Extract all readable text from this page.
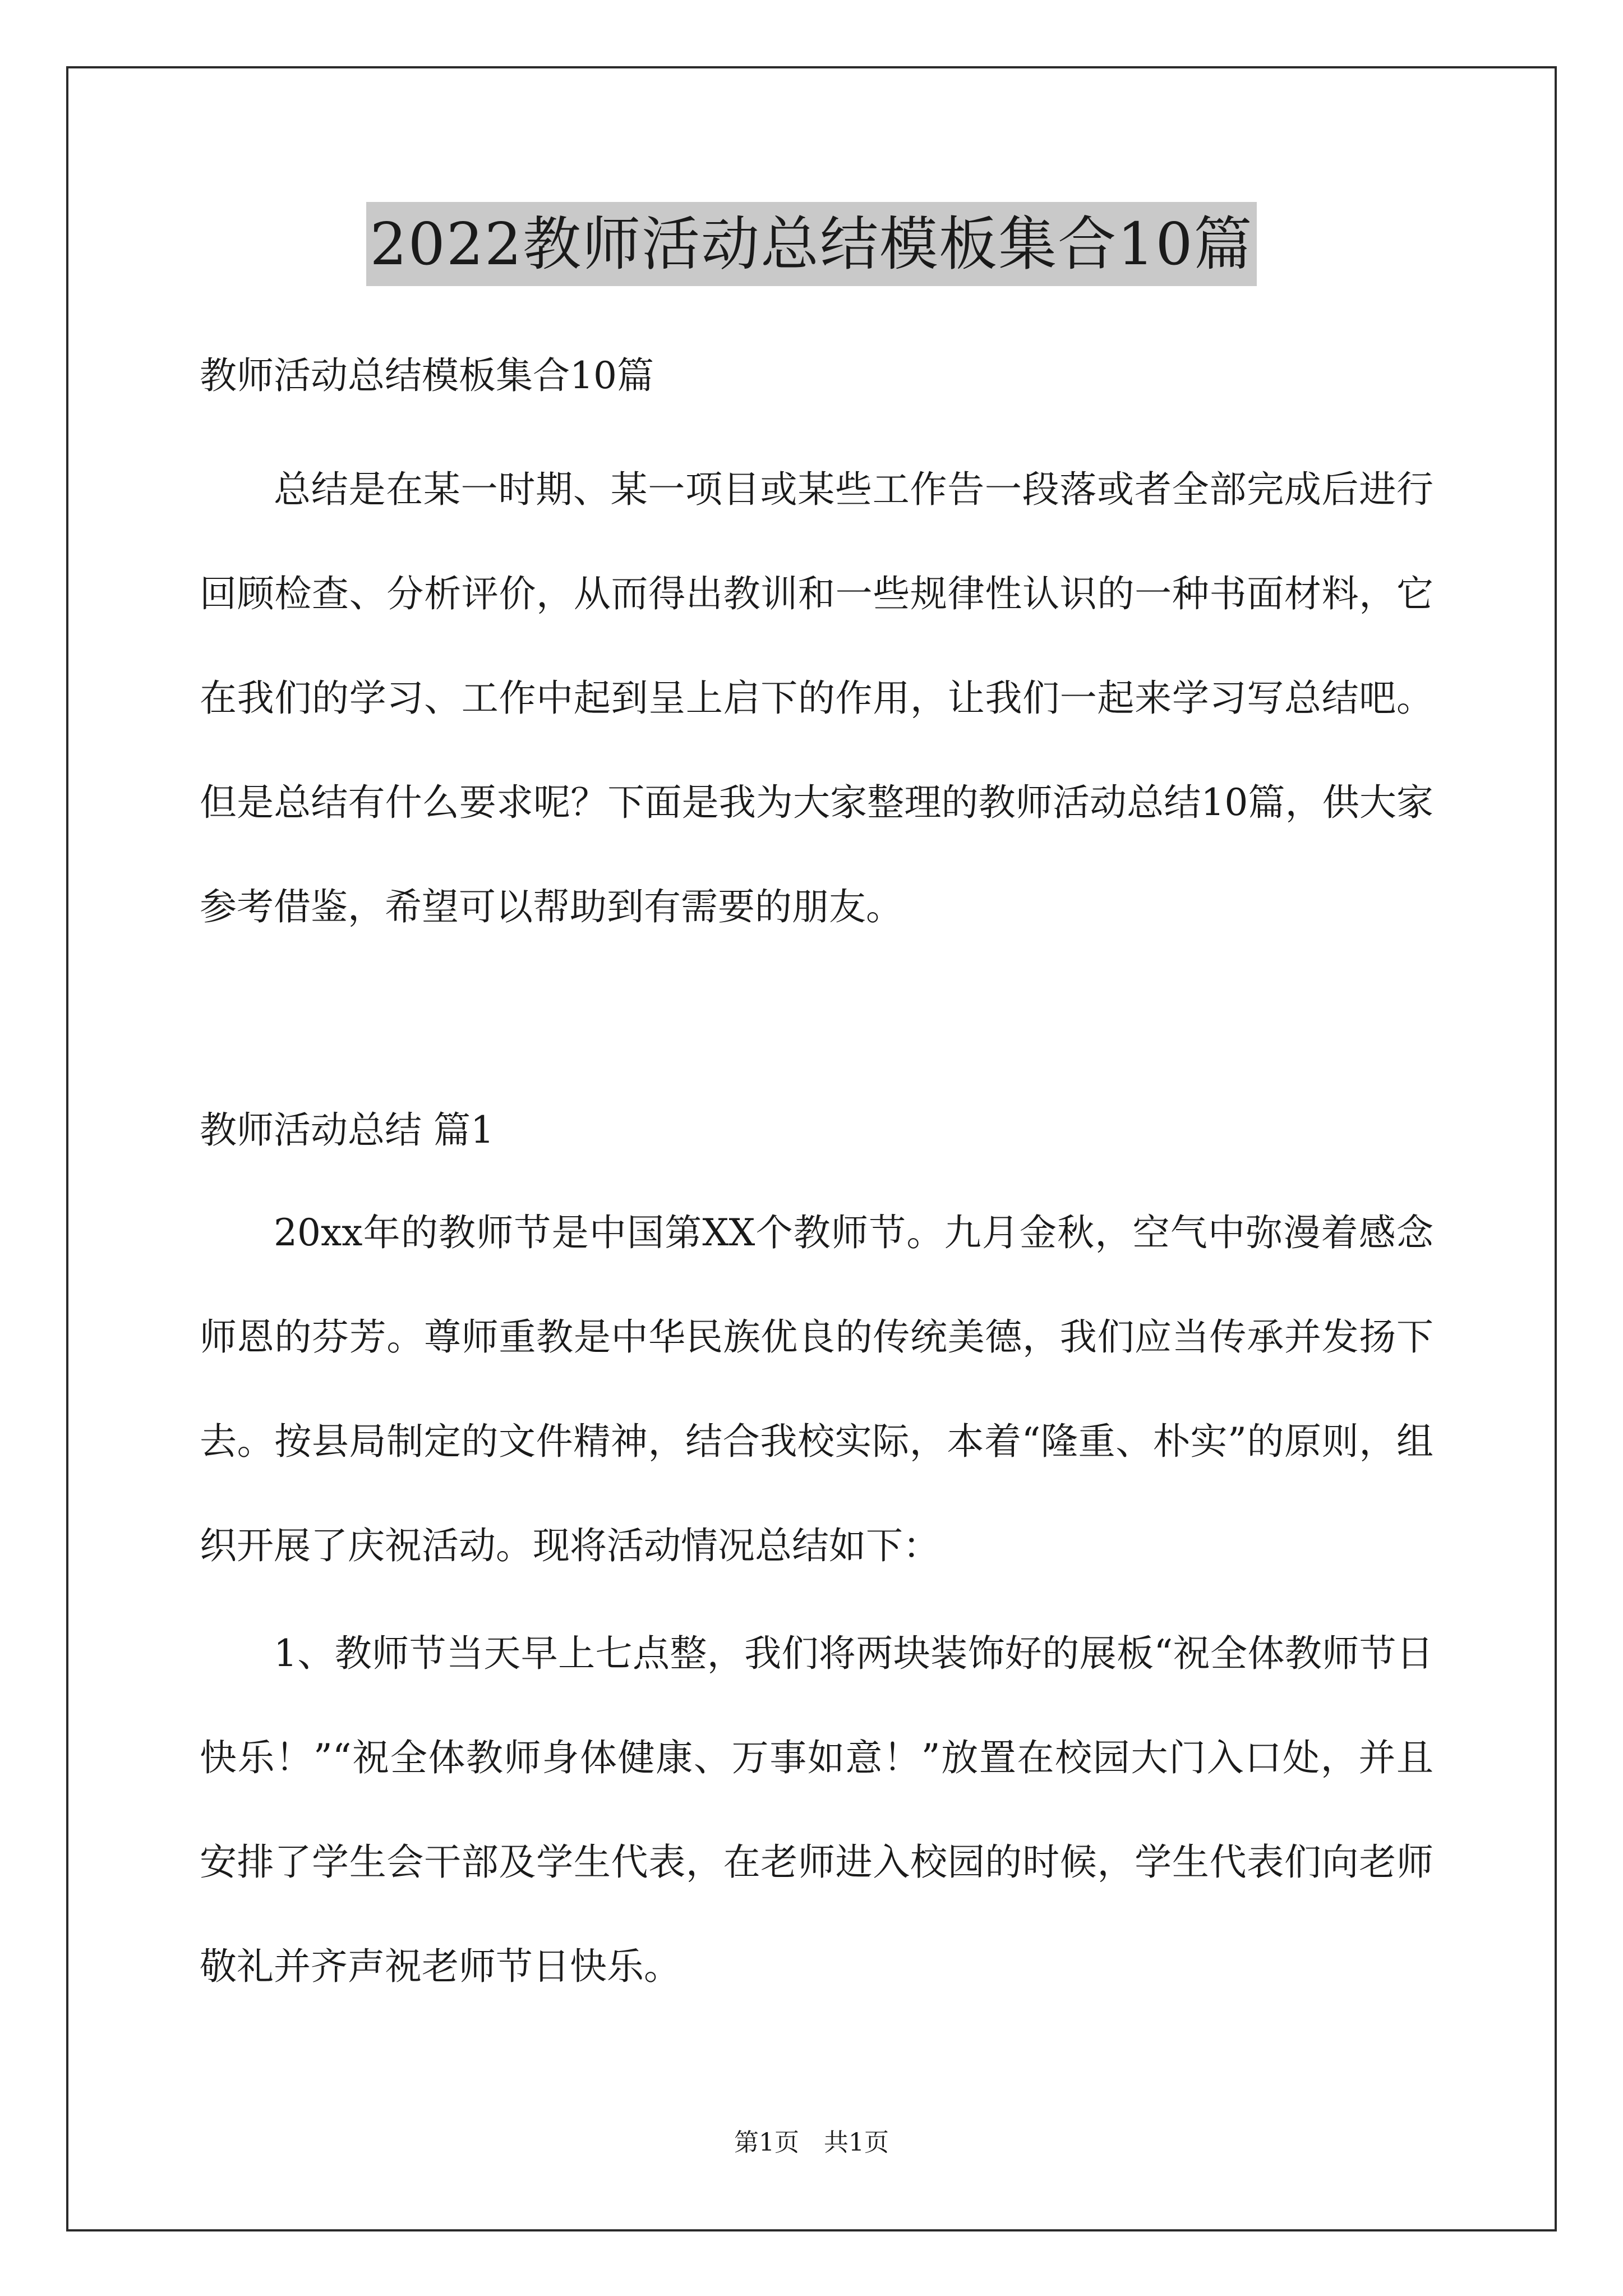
2022教师活动总结模板集合10篇
教师活动总结模板集合10篇

总结是在某一时期、某一项目或某些工作告一段落或者全部完成后进行回顾检查、分析评价，从而得出教训和一些规律性认识的一种书面材料，它在我们的学习、工作中起到呈上启下的作用，让我们一起来学习写总结吧。但是总结有什么要求呢？下面是我为大家整理的教师活动总结10篇，供大家参考借鉴，希望可以帮助到有需要的朋友。

教师活动总结 篇1

20xx年的教师节是中国第XX个教师节。九月金秋，空气中弥漫着感念师恩的芬芳。尊师重教是中华民族优良的传统美德，我们应当传承并发扬下去。按县局制定的文件精神，结合我校实际，本着“隆重、朴实”的原则，组织开展了庆祝活动。现将活动情况总结如下：

1、教师节当天早上七点整，我们将两块装饰好的展板“祝全体教师节日快乐！”“祝全体教师身体健康、万事如意！”放置在校园大门入口处，并且安排了学生会干部及学生代表，在老师进入校园的时候，学生代表们向老师敬礼并齐声祝老师节日快乐。

第1页　共1页
